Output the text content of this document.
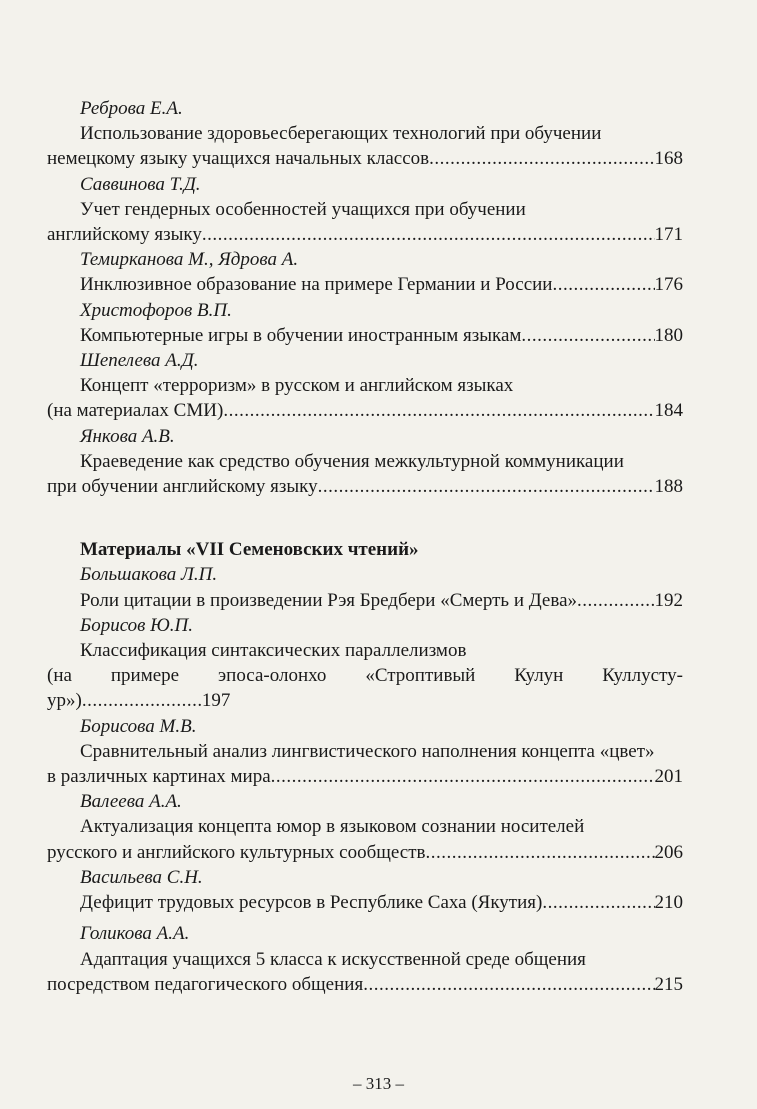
Реброва Е.А.
Использование здоровьесберегающих технологий при обучении
немецкому языку учащихся начальных классов .....	168
Саввинова Т.Д.
Учет гендерных особенностей учащихся при обучении
английскому языку .....	171
Темирканова М., Ядрова А.
Инклюзивное образование на примере Германии и России .....	176
Христофоров В.П.
Компьютерные игры в обучении иностранным языкам .....	180
Шепелева А.Д.
Концепт «терроризм» в русском и английском языках
(на материалах СМИ) .....	184
Янкова А.В.
Краеведение как средство обучения межкультурной коммуникации
при обучении английскому языку .....	188
Материалы «VII Семеновских чтений»
Большакова Л.П.
Роли цитации в произведении Рэя Бредбери «Смерть и Дева» .....	192
Борисов Ю.П.
Классификация синтаксических параллелизмов
(на примере эпоса-олонхо «Строптивый Кулун Куллусту-
ур») .....	197
Борисова М.В.
Сравнительный анализ лингвистического наполнения концепта «цвет»
в различных картинах мира .....	201
Валеева А.А.
Актуализация концепта юмор в языковом сознании носителей
русского и английского культурных сообществ .....	206
Васильева С.Н.
Дефицит трудовых ресурсов в Республике Саха (Якутия) .....	210
Голикова А.А.
Адаптация учащихся 5 класса к искусственной среде общения
посредством педагогического общения .....	215
– 313 –
